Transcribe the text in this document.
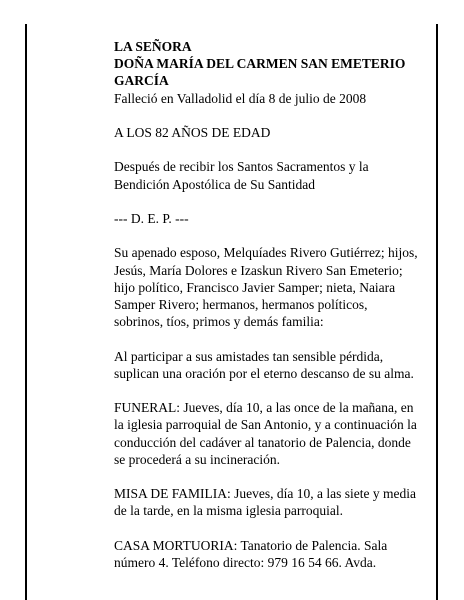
LA SEÑORA
DOÑA MARÍA DEL CARMEN SAN EMETERIO
GARCÍA
Falleció en Valladolid el día 8 de julio de 2008

A LOS 82 AÑOS DE EDAD

Después de recibir los Santos Sacramentos y la
Bendición Apostólica de Su Santidad

--- D. E. P. ---

Su apenado esposo, Melquíades Rivero Gutiérrez; hijos,
Jesús, María Dolores e Izaskun Rivero San Emeterio;
hijo político, Francisco Javier Samper; nieta, Naiara
Samper Rivero; hermanos, hermanos políticos,
sobrinos, tíos, primos y demás familia:

Al participar a sus amistades tan sensible pérdida,
suplican una oración por el eterno descanso de su alma.

FUNERAL: Jueves, día 10, a las once de la mañana, en
la iglesia parroquial de San Antonio, y a continuación la
conducción del cadáver al tanatorio de Palencia, donde
se procederá a su incineración.

MISA DE FAMILIA: Jueves, día 10, a las siete y media
de la tarde, en la misma iglesia parroquial.

CASA MORTUORIA: Tanatorio de Palencia. Sala
número 4. Teléfono directo: 979 16 54 66. Avda.
